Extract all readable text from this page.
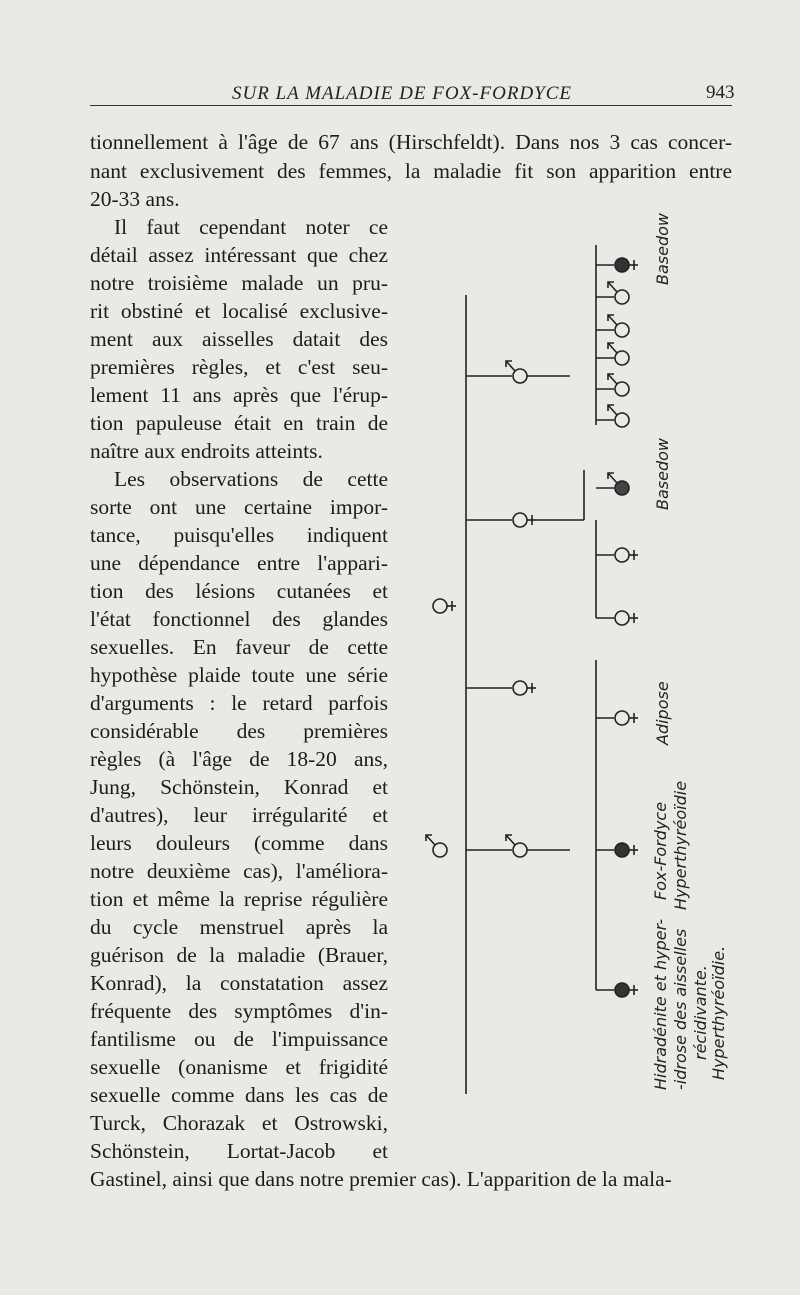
SUR LA MALADIE DE FOX-FORDYCE	943
tionnellement à l'âge de 67 ans (Hirschfeldt). Dans nos 3 cas concer-
nant exclusivement des femmes, la maladie fit son apparition entre
20-33 ans.
Il faut cependant noter ce
détail assez intéressant que chez
notre troisième malade un pru-
rit obstiné et localisé exclusive-
ment aux aisselles datait des
premières règles, et c'est seu-
lement 11 ans après que l'érup-
tion papuleuse était en train de
naître aux endroits atteints.
Les observations de cette
sorte ont une certaine impor-
tance, puisqu'elles indiquent
une dépendance entre l'appari-
tion des lésions cutanées et
l'état fonctionnel des glandes
sexuelles. En faveur de cette
hypothèse plaide toute une série
d'arguments : le retard parfois
considérable des premières
règles (à l'âge de 18-20 ans,
Jung, Schönstein, Konrad et
d'autres), leur irrégularité et
leurs douleurs (comme dans
notre deuxième cas), l'améliora-
tion et même la reprise régulière
du cycle menstruel après la
guérison de la maladie (Brauer,
Konrad), la constatation assez
fréquente des symptômes d'in-
fantilisme ou de l'impuissance
sexuelle (onanisme et frigidité
sexuelle comme dans les cas de
Turck, Chorazak et Ostrowski,
Schönstein, Lortat-Jacob et
Gastinel, ainsi que dans notre premier cas). L'apparition de la mala-
Basedow
Basedow
Adipose
Fox-Fordyce Hyperthyréoïdie
Hidradénite et hyper- -idrose des aisselles récidivante. Hyperthyréoïdie.
